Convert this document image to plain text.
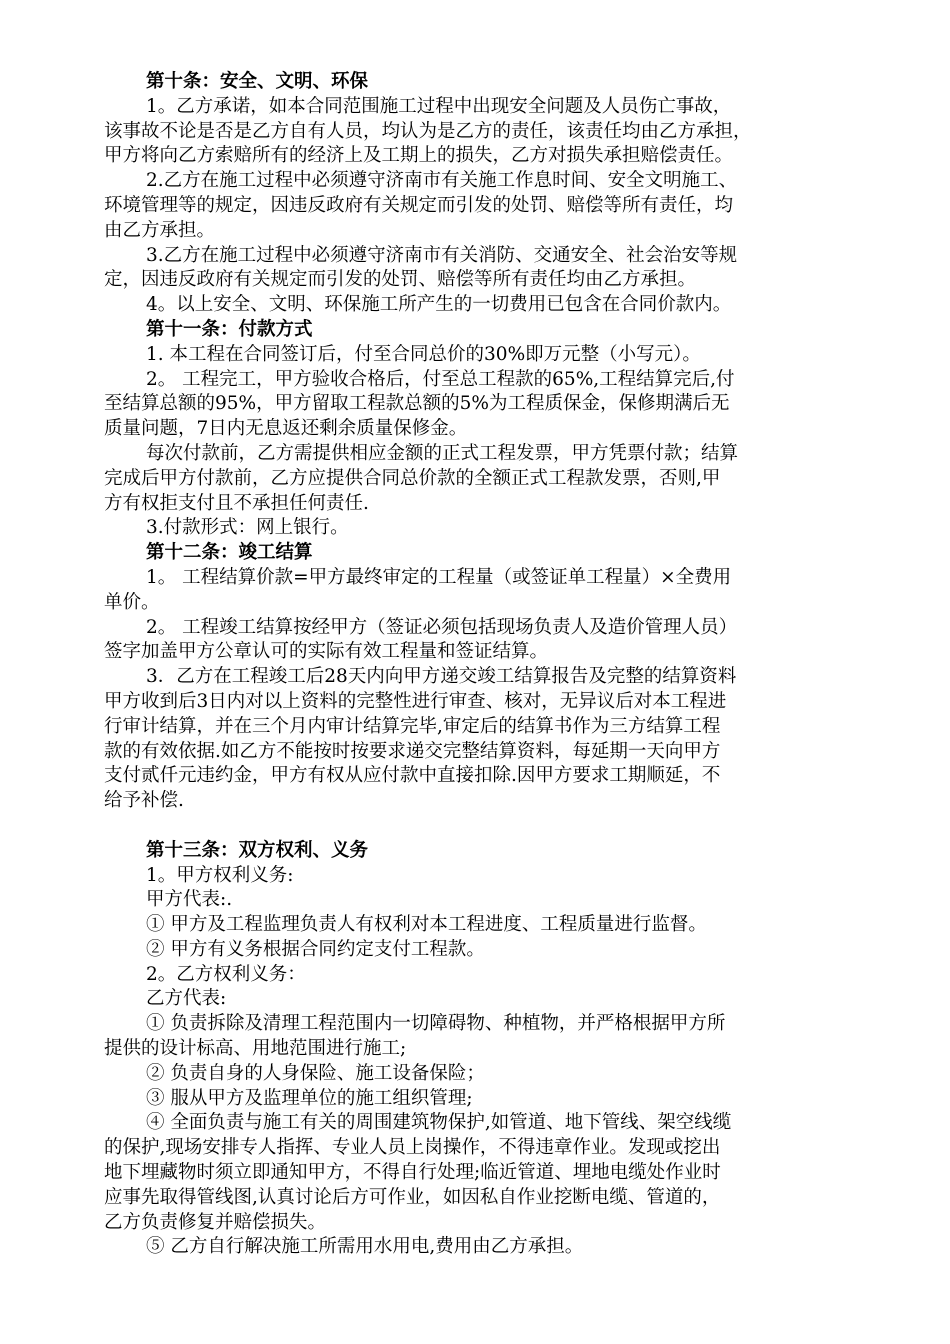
第十条：安全、文明、环保
1。乙方承诺，如本合同范围施工过程中出现安全问题及人员伤亡事故，
该事故不论是否是乙方自有人员，均认为是乙方的责任，该责任均由乙方承担，
甲方将向乙方索赔所有的经济上及工期上的损失，乙方对损失承担赔偿责任。
2.乙方在施工过程中必须遵守济南市有关施工作息时间、安全文明施工、
环境管理等的规定，因违反政府有关规定而引发的处罚、赔偿等所有责任，均
由乙方承担。
3.乙方在施工过程中必须遵守济南市有关消防、交通安全、社会治安等规
定，因违反政府有关规定而引发的处罚、赔偿等所有责任均由乙方承担。
4。以上安全、文明、环保施工所产生的一切费用已包含在合同价款内。
第十一条：付款方式
1. 本工程在合同签订后，付至合同总价的30%即万元整（小写元）。
2。 工程完工，甲方验收合格后，付至总工程款的65%,工程结算完后,付
至结算总额的95%，甲方留取工程款总额的5%为工程质保金，保修期满后无
质量问题，7日内无息返还剩余质量保修金。
每次付款前，乙方需提供相应金额的正式工程发票，甲方凭票付款；结算
完成后甲方付款前，乙方应提供合同总价款的全额正式工程款发票，否则,甲
方有权拒支付且不承担任何责任.
3.付款形式：网上银行。
第十二条：竣工结算
1。 工程结算价款=甲方最终审定的工程量（或签证单工程量）×全费用
单价。
2。 工程竣工结算按经甲方（签证必须包括现场负责人及造价管理人员）
签字加盖甲方公章认可的实际有效工程量和签证结算。
3．乙方在工程竣工后28天内向甲方递交竣工结算报告及完整的结算资料
甲方收到后3日内对以上资料的完整性进行审查、核对，无异议后对本工程进
行审计结算，并在三个月内审计结算完毕,审定后的结算书作为三方结算工程
款的有效依据.如乙方不能按时按要求递交完整结算资料，每延期一天向甲方
支付贰仟元违约金，甲方有权从应付款中直接扣除.因甲方要求工期顺延，不
给予补偿.
第十三条：双方权利、义务
1。甲方权利义务:
甲方代表:.
① 甲方及工程监理负责人有权利对本工程进度、工程质量进行监督。
② 甲方有义务根据合同约定支付工程款。
2。乙方权利义务：
乙方代表:
① 负责拆除及清理工程范围内一切障碍物、种植物，并严格根据甲方所
提供的设计标高、用地范围进行施工;
② 负责自身的人身保险、施工设备保险；
③ 服从甲方及监理单位的施工组织管理;
④ 全面负责与施工有关的周围建筑物保护,如管道、地下管线、架空线缆
的保护,现场安排专人指挥、专业人员上岗操作，不得违章作业。发现或挖出
地下埋藏物时须立即通知甲方，不得自行处理;临近管道、埋地电缆处作业时
应事先取得管线图,认真讨论后方可作业，如因私自作业挖断电缆、管道的，
乙方负责修复并赔偿损失。
⑤ 乙方自行解决施工所需用水用电,费用由乙方承担。
